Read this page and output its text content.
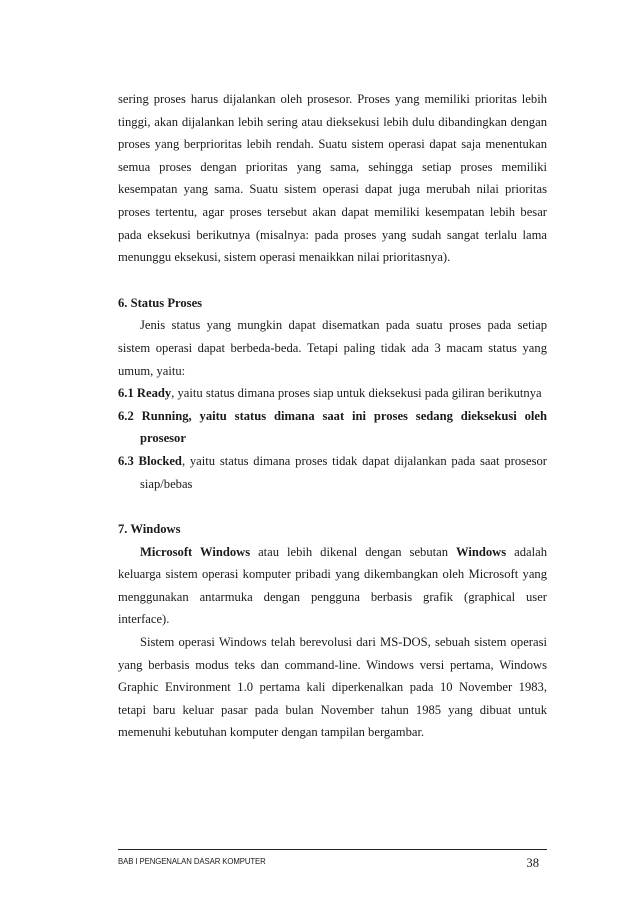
sering proses harus dijalankan oleh prosesor. Proses yang memiliki prioritas lebih tinggi, akan dijalankan lebih sering atau dieksekusi lebih dulu dibandingkan dengan proses yang berprioritas lebih rendah. Suatu sistem operasi dapat saja menentukan semua proses dengan prioritas yang sama, sehingga setiap proses memiliki kesempatan yang sama. Suatu sistem operasi dapat juga merubah nilai prioritas proses tertentu, agar proses tersebut akan dapat memiliki kesempatan lebih besar pada eksekusi berikutnya (misalnya: pada proses yang sudah sangat terlalu lama menunggu eksekusi, sistem operasi menaikkan nilai prioritasnya).

6. Status Proses

Jenis status yang mungkin dapat disematkan pada suatu proses pada setiap sistem operasi dapat berbeda-beda. Tetapi paling tidak ada 3 macam status yang umum, yaitu:

6.1 Ready, yaitu status dimana proses siap untuk dieksekusi pada giliran berikutnya

6.2 Running, yaitu status dimana saat ini proses sedang dieksekusi oleh prosesor

6.3 Blocked, yaitu status dimana proses tidak dapat dijalankan pada saat prosesor siap/bebas

7. Windows

Microsoft Windows atau lebih dikenal dengan sebutan Windows adalah keluarga sistem operasi komputer pribadi yang dikembangkan oleh Microsoft yang menggunakan antarmuka dengan pengguna berbasis grafik (graphical user interface).

Sistem operasi Windows telah berevolusi dari MS-DOS, sebuah sistem operasi yang berbasis modus teks dan command-line. Windows versi pertama, Windows Graphic Environment 1.0 pertama kali diperkenalkan pada 10 November 1983, tetapi baru keluar pasar pada bulan November tahun 1985 yang dibuat untuk memenuhi kebutuhan komputer dengan tampilan bergambar.

BAB I PENGENALAN DASAR KOMPUTER	38
